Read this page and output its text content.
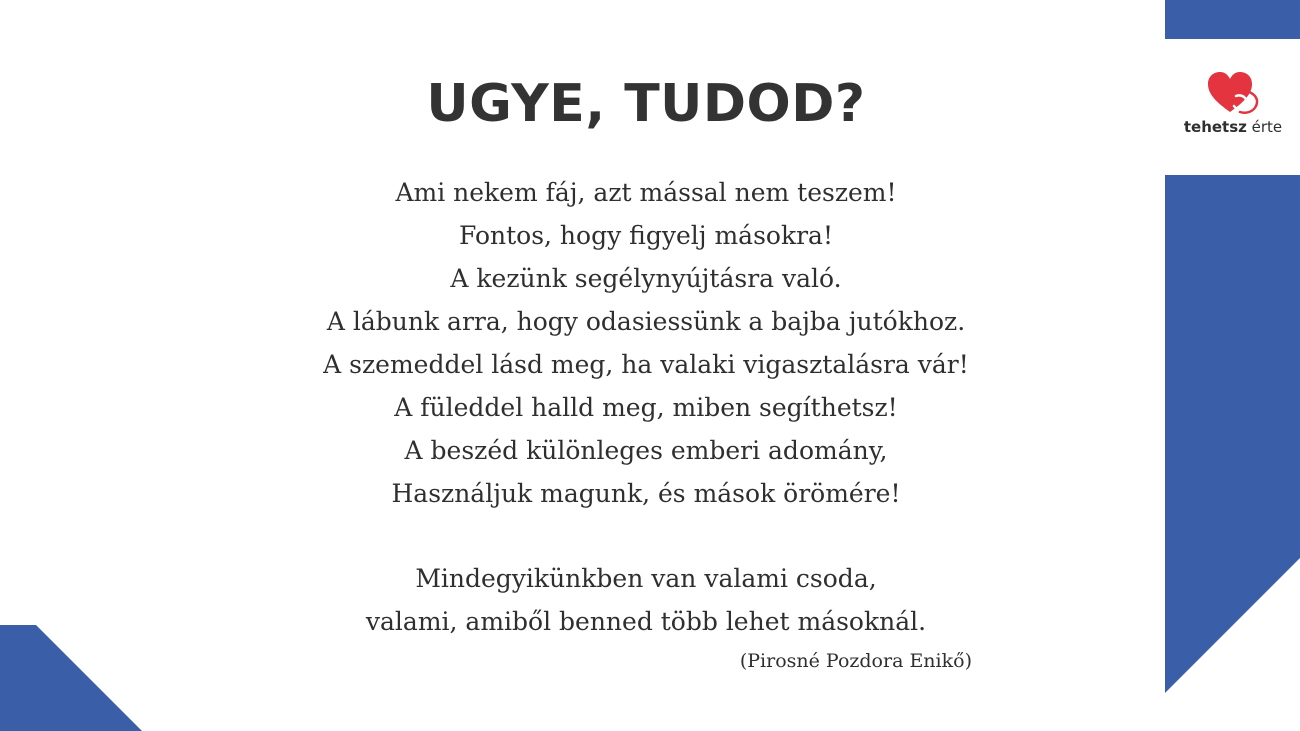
UGYE, TUDOD?
Ami nekem fáj, azt mással nem teszem!
Fontos, hogy figyelj másokra!
A kezünk segélynyújtásra való.
A lábunk arra, hogy odasiessünk a bajba jutókhoz.
A szemeddel lásd meg, ha valaki vigasztalásra vár!
A füleddel halld meg, miben segíthetsz!
A beszéd különleges emberi adomány,
Használjuk magunk, és mások örömére!
Mindegyikünkben van valami csoda,
valami, amiből benned több lehet másoknál.
(Pirosné Pozdora Enikő)
tehetsz érte
